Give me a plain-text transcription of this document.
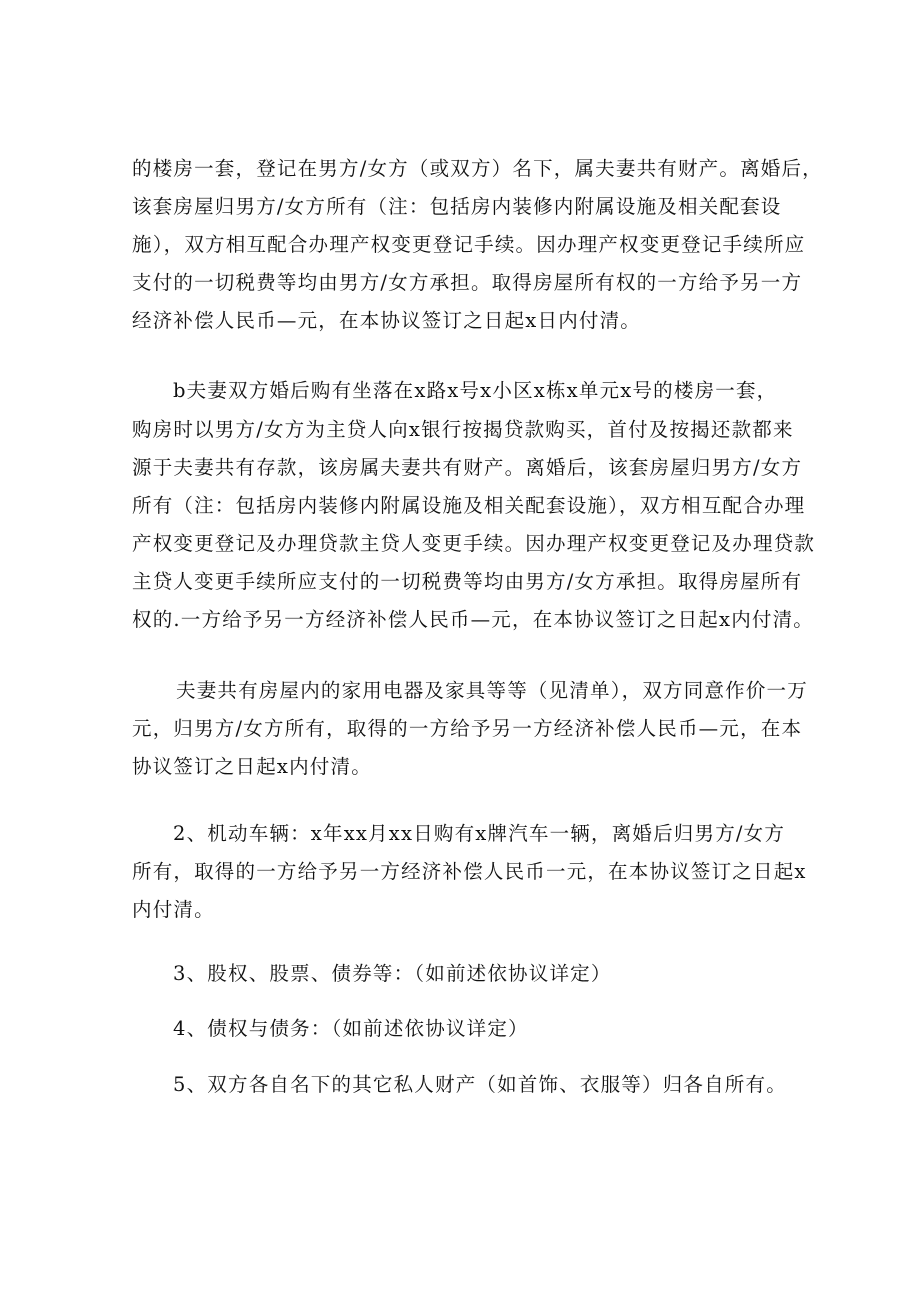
的楼房一套，登记在男方/女方（或双方）名下，属夫妻共有财产。离婚后，
该套房屋归男方/女方所有（注：包括房内装修内附属设施及相关配套设
施），双方相互配合办理产权变更登记手续。因办理产权变更登记手续所应
支付的一切税费等均由男方/女方承担。取得房屋所有权的一方给予另一方
经济补偿人民币—元，在本协议签订之日起x日内付清。
b夫妻双方婚后购有坐落在x路x号x小区x栋x单元x号的楼房一套，
购房时以男方/女方为主贷人向x银行按揭贷款购买，首付及按揭还款都来
源于夫妻共有存款，该房属夫妻共有财产。离婚后，该套房屋归男方/女方
所有（注：包括房内装修内附属设施及相关配套设施），双方相互配合办理
产权变更登记及办理贷款主贷人变更手续。因办理产权变更登记及办理贷款
主贷人变更手续所应支付的一切税费等均由男方/女方承担。取得房屋所有
权的.一方给予另一方经济补偿人民币—元，在本协议签订之日起x内付清。
夫妻共有房屋内的家用电器及家具等等（见清单），双方同意作价一万
元，归男方/女方所有，取得的一方给予另一方经济补偿人民币—元，在本
协议签订之日起x内付清。
2、机动车辆：x年xx月xx日购有x牌汽车一辆，离婚后归男方/女方
所有，取得的一方给予另一方经济补偿人民币一元，在本协议签订之日起x
内付清。
3、股权、股票、债券等：（如前述依协议详定）
4、债权与债务：（如前述依协议详定）
5、双方各自名下的其它私人财产（如首饰、衣服等）归各自所有。
